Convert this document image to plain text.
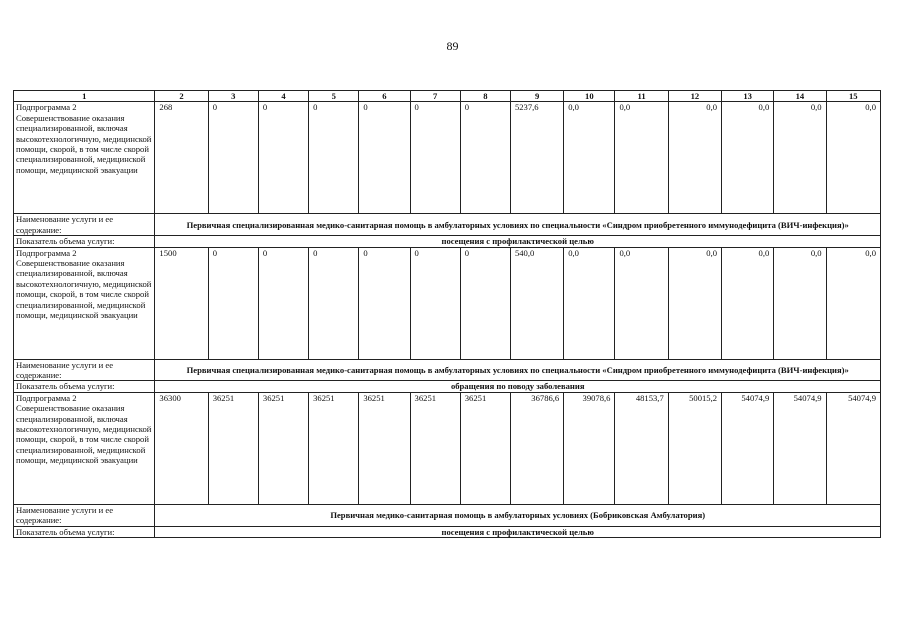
89
1	2	3	4	5	6	7	8	9	10	11	12	13	14	15
Подпрограмма 2 Совершенствование оказания специализированной, включая высокотехнологичную, медицинской помощи, скорой, в том числе скорой специализированной, медицинской помощи, медицинской эвакуации	268	0	0	0	0	0	0	5237,6	0,0	0,0	0,0	0,0	0,0	0,0
Наименование услуги и ее содержание:	Первичная специализированная медико-санитарная помощь в амбулаторных условиях по специальности «Синдром приобретенного иммунодефицита (ВИЧ-инфекция)»													
Показатель объема услуги:	посещения с профилактической целью													
Подпрограмма 2 Совершенствование оказания специализированной, включая высокотехнологичную, медицинской помощи, скорой, в том числе скорой специализированной, медицинской помощи, медицинской эвакуации	1500	0	0	0	0	0	0	540,0	0,0	0,0	0,0	0,0	0,0	0,0
Наименование услуги и ее содержание:	Первичная специализированная медико-санитарная помощь в амбулаторных условиях по специальности «Синдром приобретенного иммунодефицита (ВИЧ-инфекция)»													
Показатель объема услуги:	обращения по поводу заболевания													
Подпрограмма 2 Совершенствование оказания специализированной, включая высокотехнологичную, медицинской помощи, скорой, в том числе скорой специализированной, медицинской помощи, медицинской эвакуации	36300	36251	36251	36251	36251	36251	36251	36786,6	39078,6	48153,7	50015,2	54074,9	54074,9	54074,9
Наименование услуги и ее содержание:	Первичная медико-санитарная помощь в амбулаторных условиях (Бобриковская Амбулатория)													
Показатель объема услуги:	посещения с профилактической целью													
